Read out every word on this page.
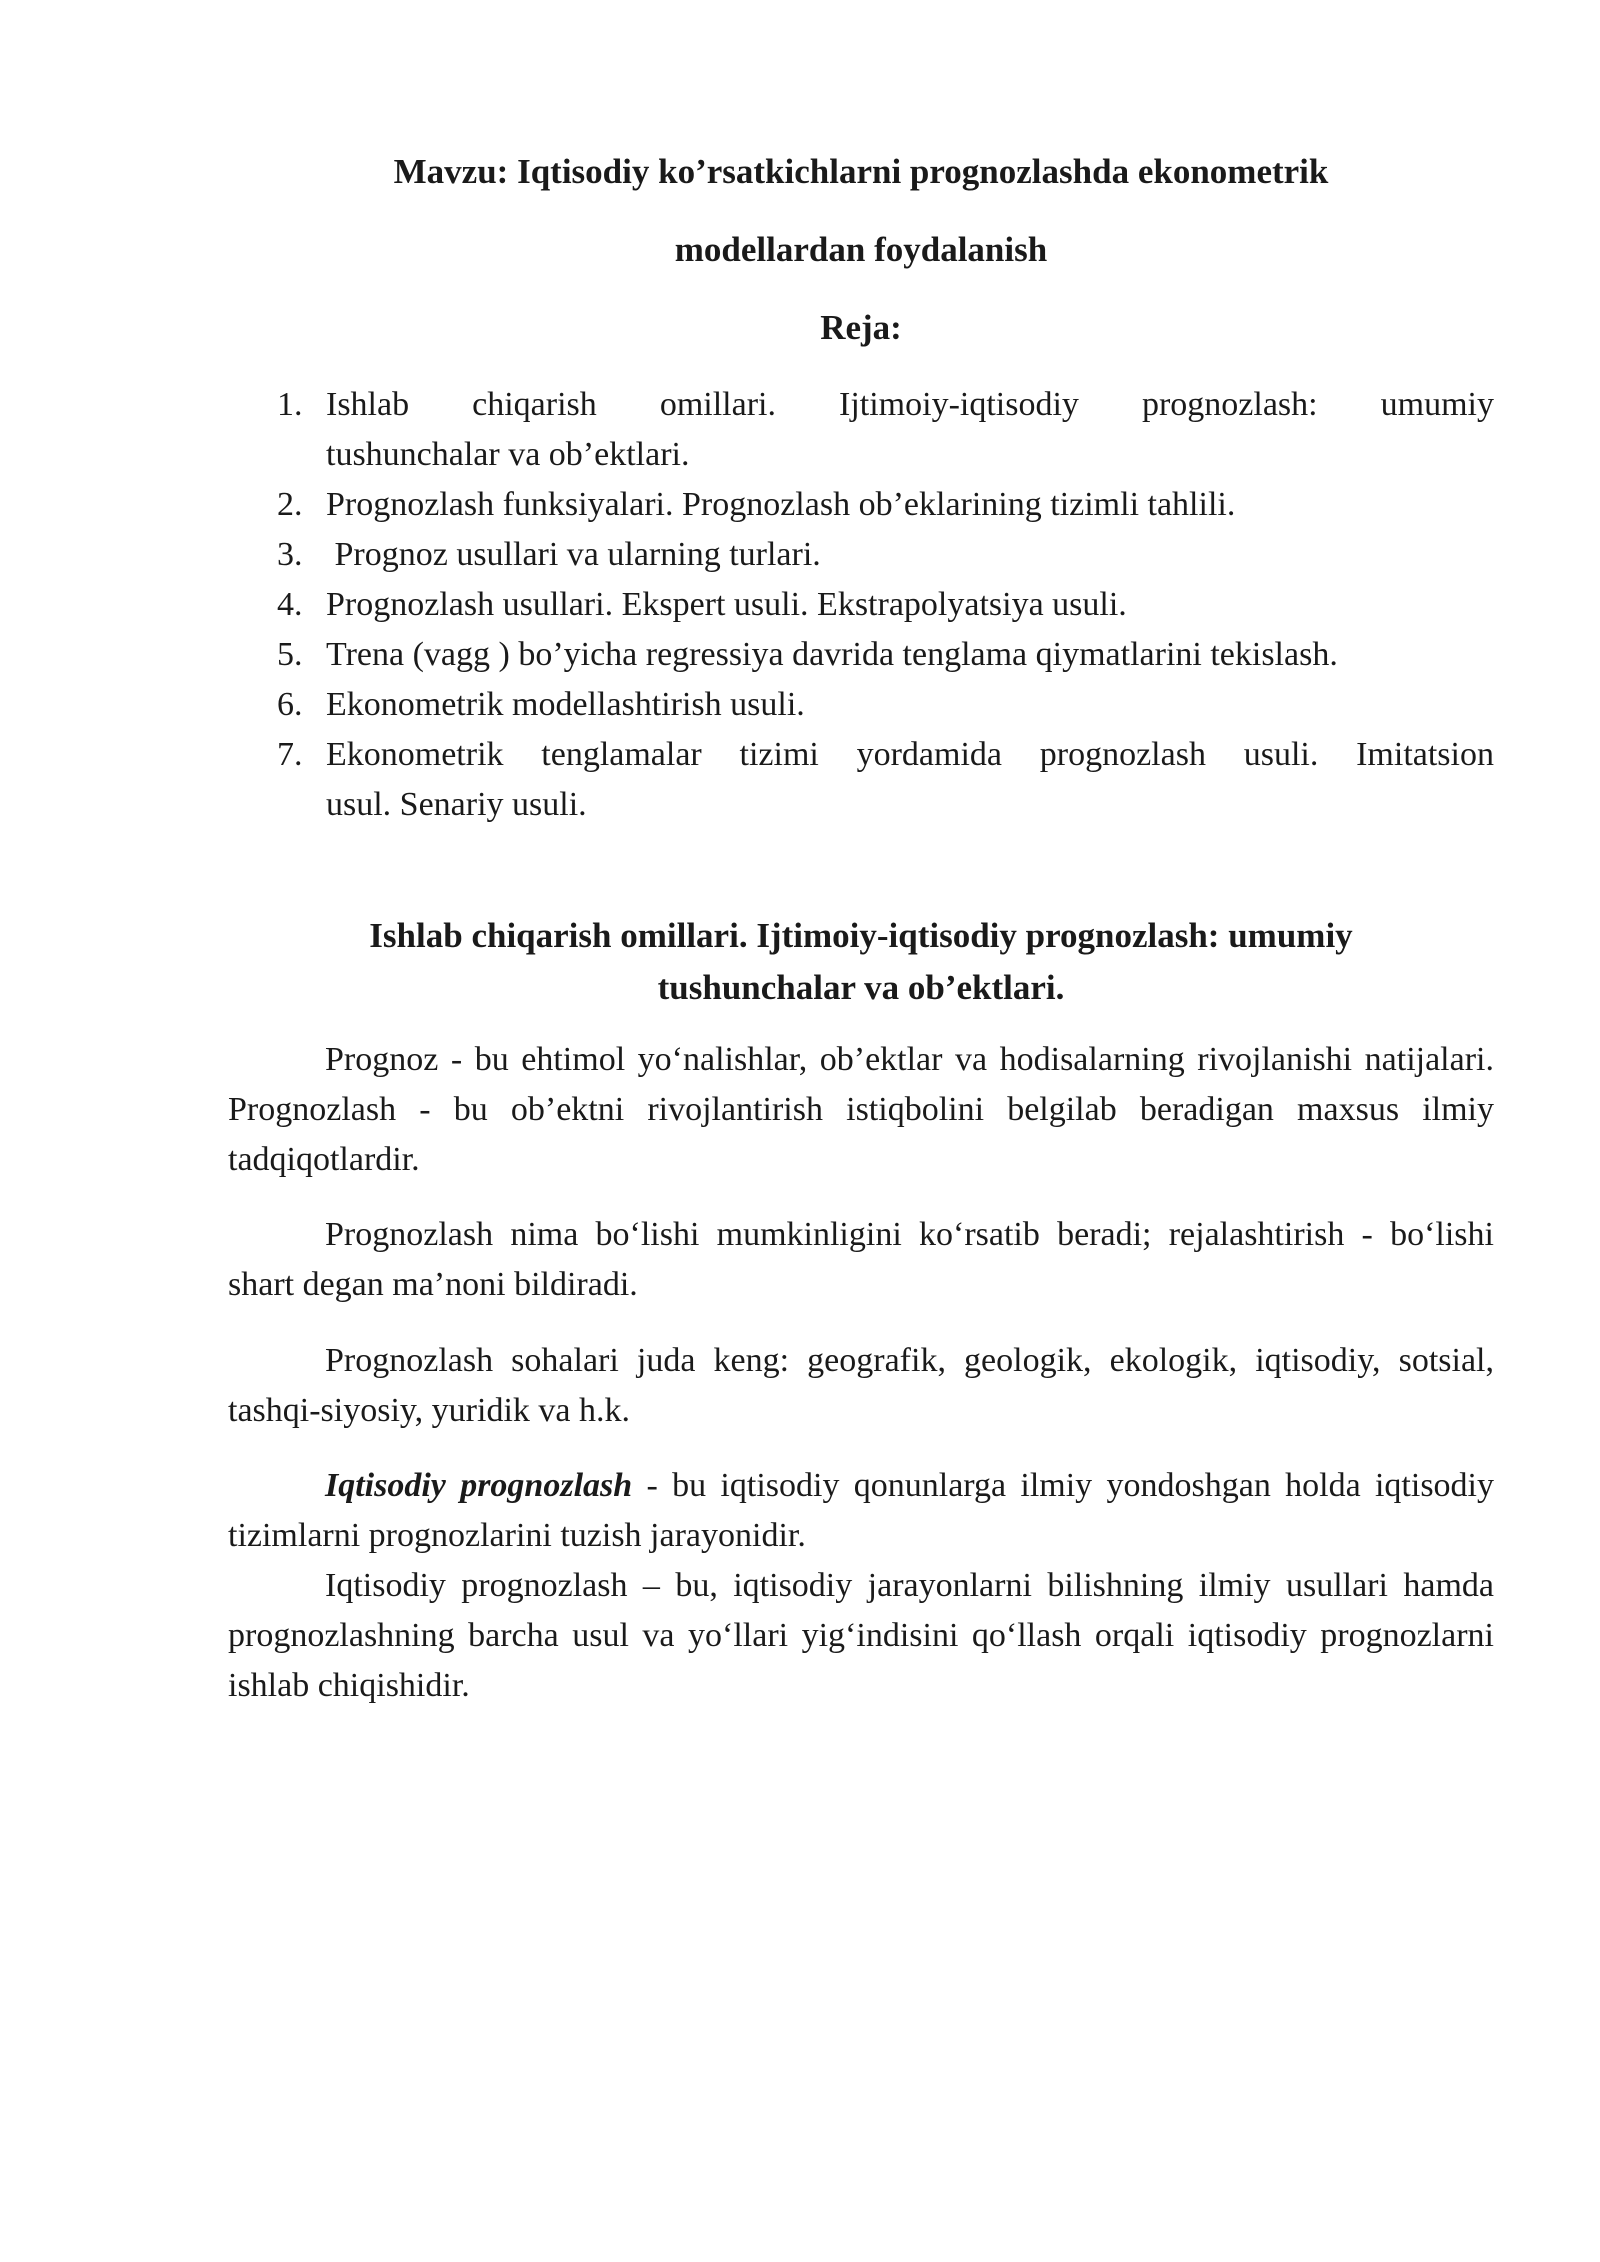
Mavzu: Iqtisodiy ko’rsatkichlarni prognozlashda ekonometrik

modellardan foydalanish

Reja:

1. Ishlab chiqarish omillari. Ijtimoiy-iqtisodiy prognozlash: umumiy
tushunchalar va ob’ektlari.
2. Prognozlash funksiyalari. Prognozlash ob’eklarining tizimli tahlili.
3. Prognoz usullari va ularning turlari.
4. Prognozlash usullari. Ekspert usuli. Ekstrapolyatsiya usuli.
5. Trena (vagg ) bo’yicha regressiya davrida tenglama qiymatlarini tekislash.
6. Ekonometrik modellashtirish usuli.
7. Ekonometrik tenglamalar tizimi yordamida prognozlash usuli. Imitatsion
usul. Senariy usuli.
Ishlab chiqarish omillari. Ijtimoiy-iqtisodiy prognozlash: umumiy
tushunchalar va ob’ektlari.

Prognoz - bu ehtimol yo‘nalishlar, ob’ektlar va hodisalarning rivojlanishi natijalari. Prognozlash - bu ob’ektni rivojlantirish istiqbolini belgilab beradigan maxsus ilmiy tadqiqotlardir.

Prognozlash nima bo‘lishi mumkinligini ko‘rsatib beradi; rejalashtirish - bo‘lishi shart degan ma’noni bildiradi.

Prognozlash sohalari juda keng: geografik, geologik, ekologik, iqtisodiy, sotsial, tashqi-siyosiy, yuridik va h.k.

Iqtisodiy prognozlash - bu iqtisodiy qonunlarga ilmiy yondoshgan holda iqtisodiy tizimlarni prognozlarini tuzish jarayonidir.

Iqtisodiy prognozlash – bu, iqtisodiy jarayonlarni bilishning ilmiy usullari hamda prognozlashning barcha usul va yo‘llari yig‘indisini qo‘llash orqali iqtisodiy prognozlarni ishlab chiqishidir.
